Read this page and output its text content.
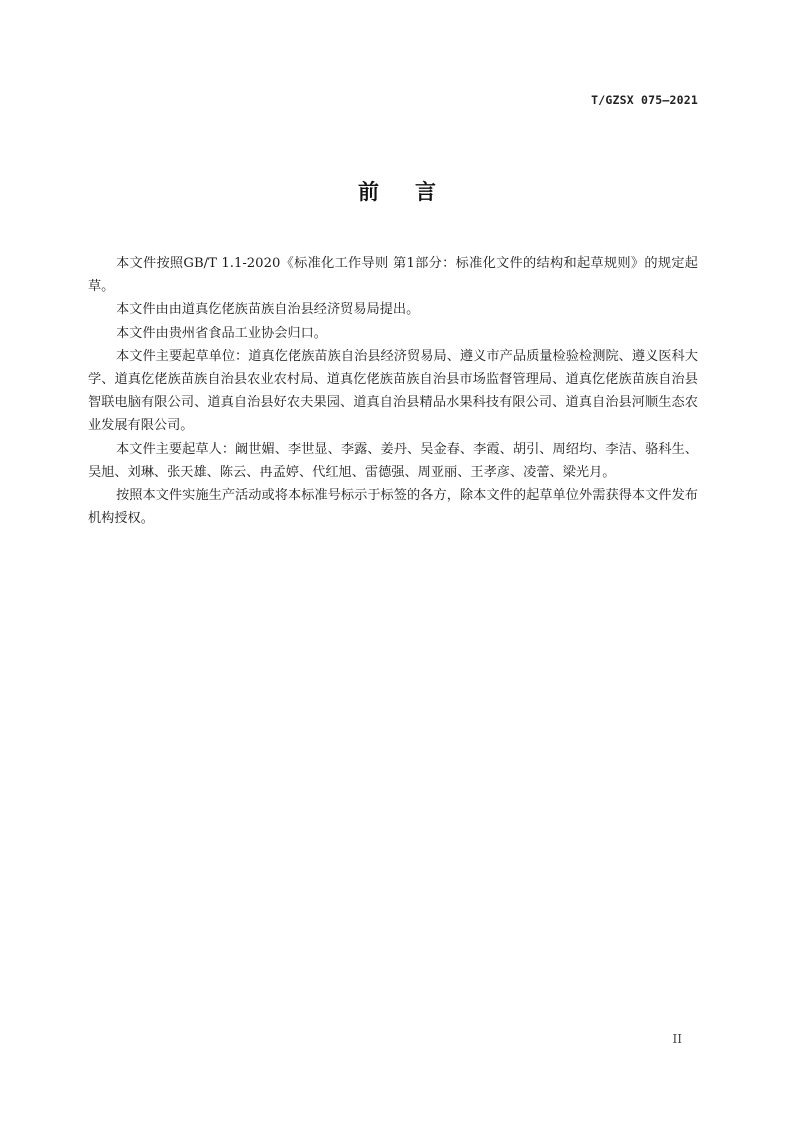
T/GZSX 075—2021
前言

本文件按照GB/T 1.1-2020《标准化工作导则 第1部分：标准化文件的结构和起草规则》的规定起草。

本文件由由道真仡佬族苗族自治县经济贸易局提出。

本文件由贵州省食品工业协会归口。

本文件主要起草单位：道真仡佬族苗族自治县经济贸易局、遵义市产品质量检验检测院、遵义医科大学、道真仡佬族苗族自治县农业农村局、道真仡佬族苗族自治县市场监督管理局、道真仡佬族苗族自治县智联电脑有限公司、道真自治县好农夫果园、道真自治县精品水果科技有限公司、道真自治县河顺生态农业发展有限公司。

本文件主要起草人：阚世媚、李世显、李露、姜丹、吴金春、李霞、胡引、周绍均、李洁、骆科生、吴旭、刘琳、张天雄、陈云、冉孟婷、代红旭、雷德强、周亚丽、王孝彦、凌蕾、梁光月。

按照本文件实施生产活动或将本标准号标示于标签的各方，除本文件的起草单位外需获得本文件发布机构授权。

II
